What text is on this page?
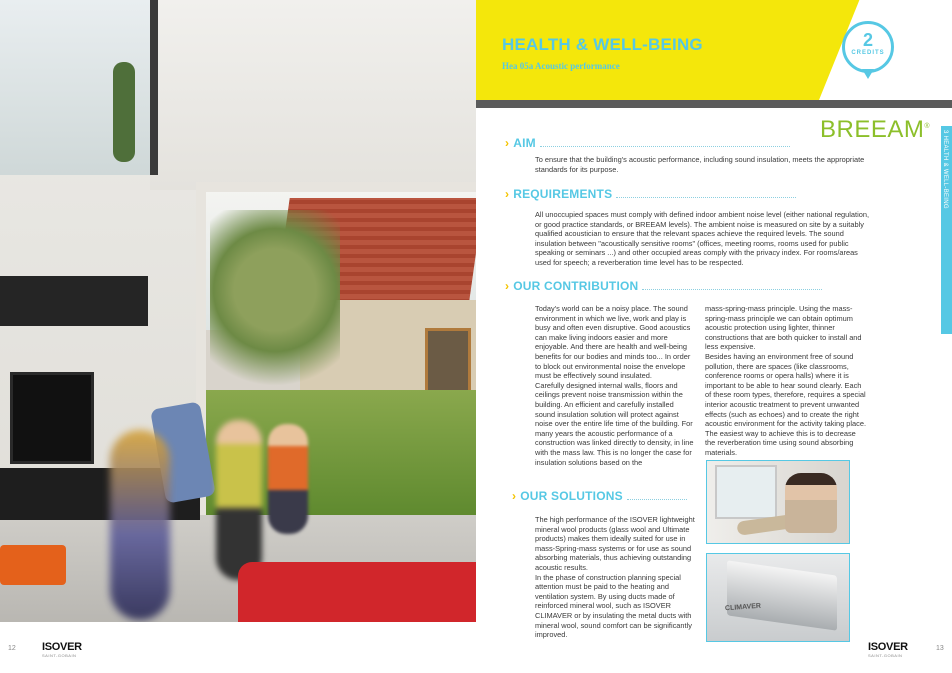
12 ISOVER
SAINT-GOBAIN
HEALTH & WELL-BEING
Hea 05a Acoustic performance
2
CREDITS
BREEAM®
3 HEALTH & WELL-BEING
› AIM

To ensure that the building's acoustic performance, including sound insulation, meets the appropriate standards for its purpose.

› REQUIREMENTS

All unoccupied spaces must comply with defined indoor ambient noise level (either national regulation, or good practice standards, or BREEAM levels). The ambient noise is measured on site by a suitably qualified acoustician to ensure that the relevant spaces achieve the required levels. The sound insulation between "acoustically sensitive rooms" (offices, meeting rooms, rooms used for public speaking or seminars ...) and other occupied areas comply with the privacy index. For rooms/areas used for speech; a reverberation time level has to be respected.

› OUR CONTRIBUTION

Today's world can be a noisy place. The sound environment in which we live, work and play is busy and often even disruptive. Good acoustics can make living indoors easier and more enjoyable. And there are health and well-being benefits for our bodies and minds too... In order to block out environmental noise the envelope must be effectively sound insulated.

Carefully designed internal walls, floors and ceilings prevent noise transmission within the building. An efficient and carefully installed sound insulation solution will protect against noise over the entire life time of the building. For many years the acoustic performance of a construction was linked directly to density, in line with the mass law. This is no longer the case for insulation solutions based on the

mass-spring-mass principle. Using the mass-spring-mass principle we can obtain optimum acoustic protection using lighter, thinner constructions that are both quicker to install and less expensive.

Besides having an environment free of sound pollution, there are spaces (like classrooms, conference rooms or opera halls) where it is important to be able to hear sound clearly. Each of these room types, therefore, requires a special interior acoustic treatment to prevent unwanted effects (such as echoes) and to create the right acoustic environment for the activity taking place. The easiest way to achieve this is to decrease the reverberation time using sound absorbing materials.

› OUR SOLUTIONS

The high performance of the ISOVER lightweight mineral wool products (glass wool and Ultimate products) makes them ideally suited for use in mass-Spring-mass systems or for use as sound absorbing materials, thus achieving outstanding acoustic results.

In the phase of construction planning special attention must be paid to the heating and ventilation system. By using ducts made of reinforced mineral wool, such as ISOVER CLIMAVER or by insulating the metal ducts with mineral wool, sound comfort can be significantly improved.

CLIMAVER
ISOVER
SAINT-GOBAIN
13
